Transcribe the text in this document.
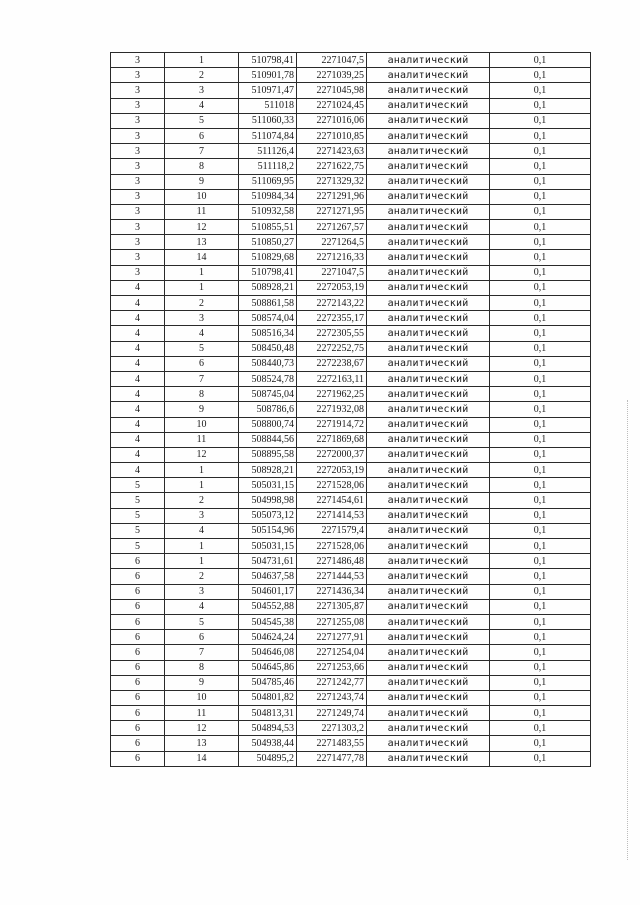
3	1	510798,41	2271047,5	аналитический	0,1
3	2	510901,78	2271039,25	аналитический	0,1
3	3	510971,47	2271045,98	аналитический	0,1
3	4	511018	2271024,45	аналитический	0,1
3	5	511060,33	2271016,06	аналитический	0,1
3	6	511074,84	2271010,85	аналитический	0,1
3	7	511126,4	2271423,63	аналитический	0,1
3	8	511118,2	2271622,75	аналитический	0,1
3	9	511069,95	2271329,32	аналитический	0,1
3	10	510984,34	2271291,96	аналитический	0,1
3	11	510932,58	2271271,95	аналитический	0,1
3	12	510855,51	2271267,57	аналитический	0,1
3	13	510850,27	2271264,5	аналитический	0,1
3	14	510829,68	2271216,33	аналитический	0,1
3	1	510798,41	2271047,5	аналитический	0,1
4	1	508928,21	2272053,19	аналитический	0,1
4	2	508861,58	2272143,22	аналитический	0,1
4	3	508574,04	2272355,17	аналитический	0,1
4	4	508516,34	2272305,55	аналитический	0,1
4	5	508450,48	2272252,75	аналитический	0,1
4	6	508440,73	2272238,67	аналитический	0,1
4	7	508524,78	2272163,11	аналитический	0,1
4	8	508745,04	2271962,25	аналитический	0,1
4	9	508786,6	2271932,08	аналитический	0,1
4	10	508800,74	2271914,72	аналитический	0,1
4	11	508844,56	2271869,68	аналитический	0,1
4	12	508895,58	2272000,37	аналитический	0,1
4	1	508928,21	2272053,19	аналитический	0,1
5	1	505031,15	2271528,06	аналитический	0,1
5	2	504998,98	2271454,61	аналитический	0,1
5	3	505073,12	2271414,53	аналитический	0,1
5	4	505154,96	2271579,4	аналитический	0,1
5	1	505031,15	2271528,06	аналитический	0,1
6	1	504731,61	2271486,48	аналитический	0,1
6	2	504637,58	2271444,53	аналитический	0,1
6	3	504601,17	2271436,34	аналитический	0,1
6	4	504552,88	2271305,87	аналитический	0,1
6	5	504545,38	2271255,08	аналитический	0,1
6	6	504624,24	2271277,91	аналитический	0,1
6	7	504646,08	2271254,04	аналитический	0,1
6	8	504645,86	2271253,66	аналитический	0,1
6	9	504785,46	2271242,77	аналитический	0,1
6	10	504801,82	2271243,74	аналитический	0,1
6	11	504813,31	2271249,74	аналитический	0,1
6	12	504894,53	2271303,2	аналитический	0,1
6	13	504938,44	2271483,55	аналитический	0,1
6	14	504895,2	2271477,78	аналитический	0,1
